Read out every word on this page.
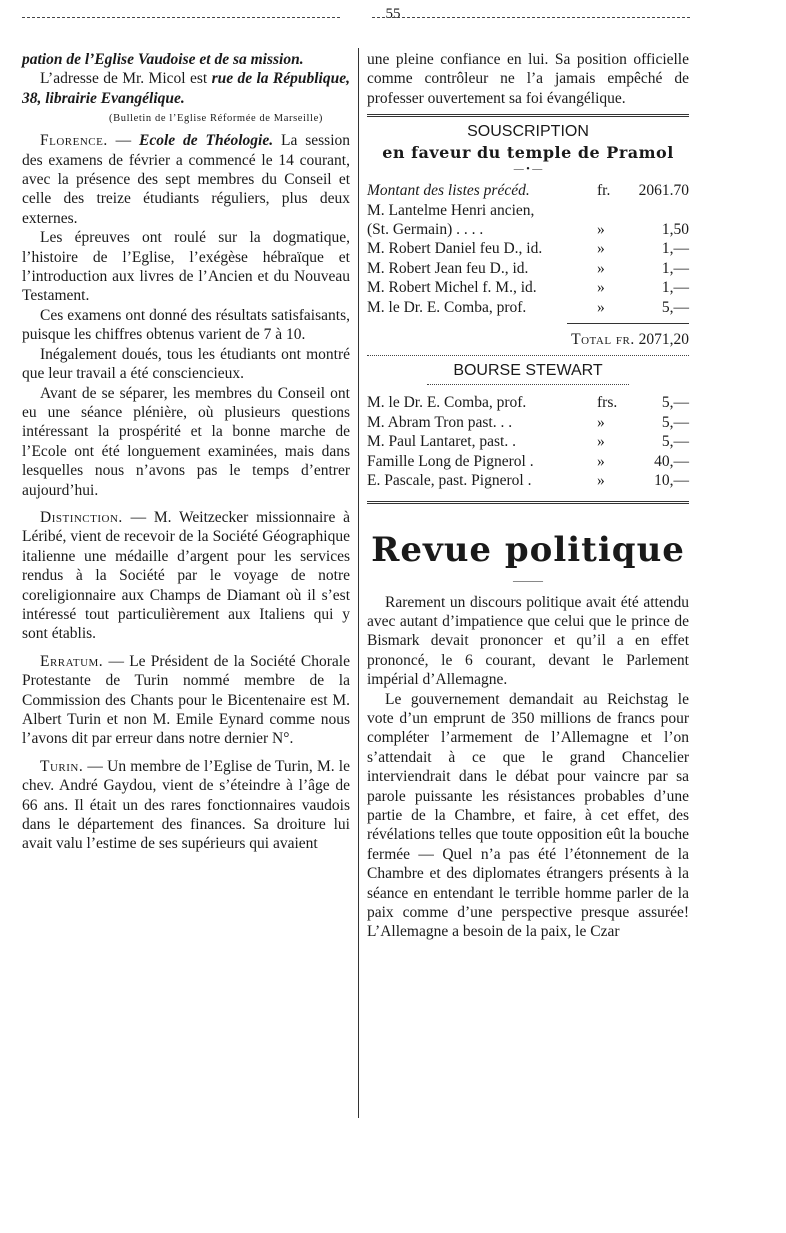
55

pation de l’Eglise Vaudoise et de sa mission.

L’adresse de Mr. Micol est rue de la République, 38, librairie Evangélique.

(Bulletin de l’Eglise Réformée de Marseille)

Florence. — Ecole de Théologie. La session des examens de février a commencé le 14 courant, avec la présence des sept membres du Conseil et celle des treize étudiants réguliers, plus deux externes.

Les épreuves ont roulé sur la dogmatique, l’histoire de l’Eglise, l’exégèse hébraïque et l’introduction aux livres de l’Ancien et du Nouveau Testament.

Ces examens ont donné des résultats satisfaisants, puisque les chiffres obtenus varient de 7 à 10.

Inégalement doués, tous les étudiants ont montré que leur travail a été consciencieux.

Avant de se séparer, les membres du Conseil ont eu une séance plénière, où plusieurs questions intéressant la prospérité et la bonne marche de l’Ecole ont été longuement examinées, mais dans lesquelles nous n’avons pas le temps d’entrer aujourd’hui.

Distinction. — M. Weitzecker missionnaire à Léribé, vient de recevoir de la Société Géographique italienne une médaille d’argent pour les services rendus à la Société par le voyage de notre coreligionnaire aux Champs de Diamant où il s’est intéressé tout particulièrement aux Italiens qui y sont établis.

Erratum. — Le Président de la Société Chorale Protestante de Turin nommé membre de la Commission des Chants pour le Bicentenaire est M. Albert Turin et non M. Emile Eynard comme nous l’avons dit par erreur dans notre dernier N°.

Turin. — Un membre de l’Eglise de Turin, M. le chev. André Gaydou, vient de s’éteindre à l’âge de 66 ans. Il était un des rares fonctionnaires vaudois dans le département des finances. Sa droiture lui avait valu l’estime de ses supérieurs qui avaient

une pleine confiance en lui. Sa position officielle comme contrôleur ne l’a jamais empêché de professer ouvertement sa foi évangélique.

SOUSCRIPTION
en faveur du temple de Pramol
— • —
Montant des listes précéd.	fr.	2061.70
M. Lantelme Henri ancien,		
(St. Germain) . . . .	»	1,50
M. Robert Daniel feu D., id.	»	1,—
M. Robert Jean feu D., id.	»	1,—
M. Robert Michel f. M., id.	»	1,—
M. le Dr. E. Comba, prof.	»	5,—
Total fr. 2071,20
BOURSE STEWART
M. le Dr. E. Comba, prof.	frs.	5,—
M. Abram Tron past. . .	»	5,—
M. Paul Lantaret, past. .	»	5,—
Famille Long de Pignerol .	»	40,—
E. Pascale, past. Pignerol .	»	10,—
Revue politique
———

Rarement un discours politique avait été attendu avec autant d’impatience que celui que le prince de Bismark devait prononcer et qu’il a en effet prononcé, le 6 courant, devant le Parlement impérial d’Allemagne.

Le gouvernement demandait au Reichstag le vote d’un emprunt de 350 millions de francs pour compléter l’armement de l’Allemagne et l’on s’attendait à ce que le grand Chancelier interviendrait dans le débat pour vaincre par sa parole puissante les résistances probables d’une partie de la Chambre, et faire, à cet effet, des révélations telles que toute opposition eût la bouche fermée — Quel n’a pas été l’étonnement de la Chambre et des diplomates étrangers présents à la séance en entendant le terrible homme parler de la paix comme d’une perspective presque assurée! L’Allemagne a besoin de la paix, le Czar
